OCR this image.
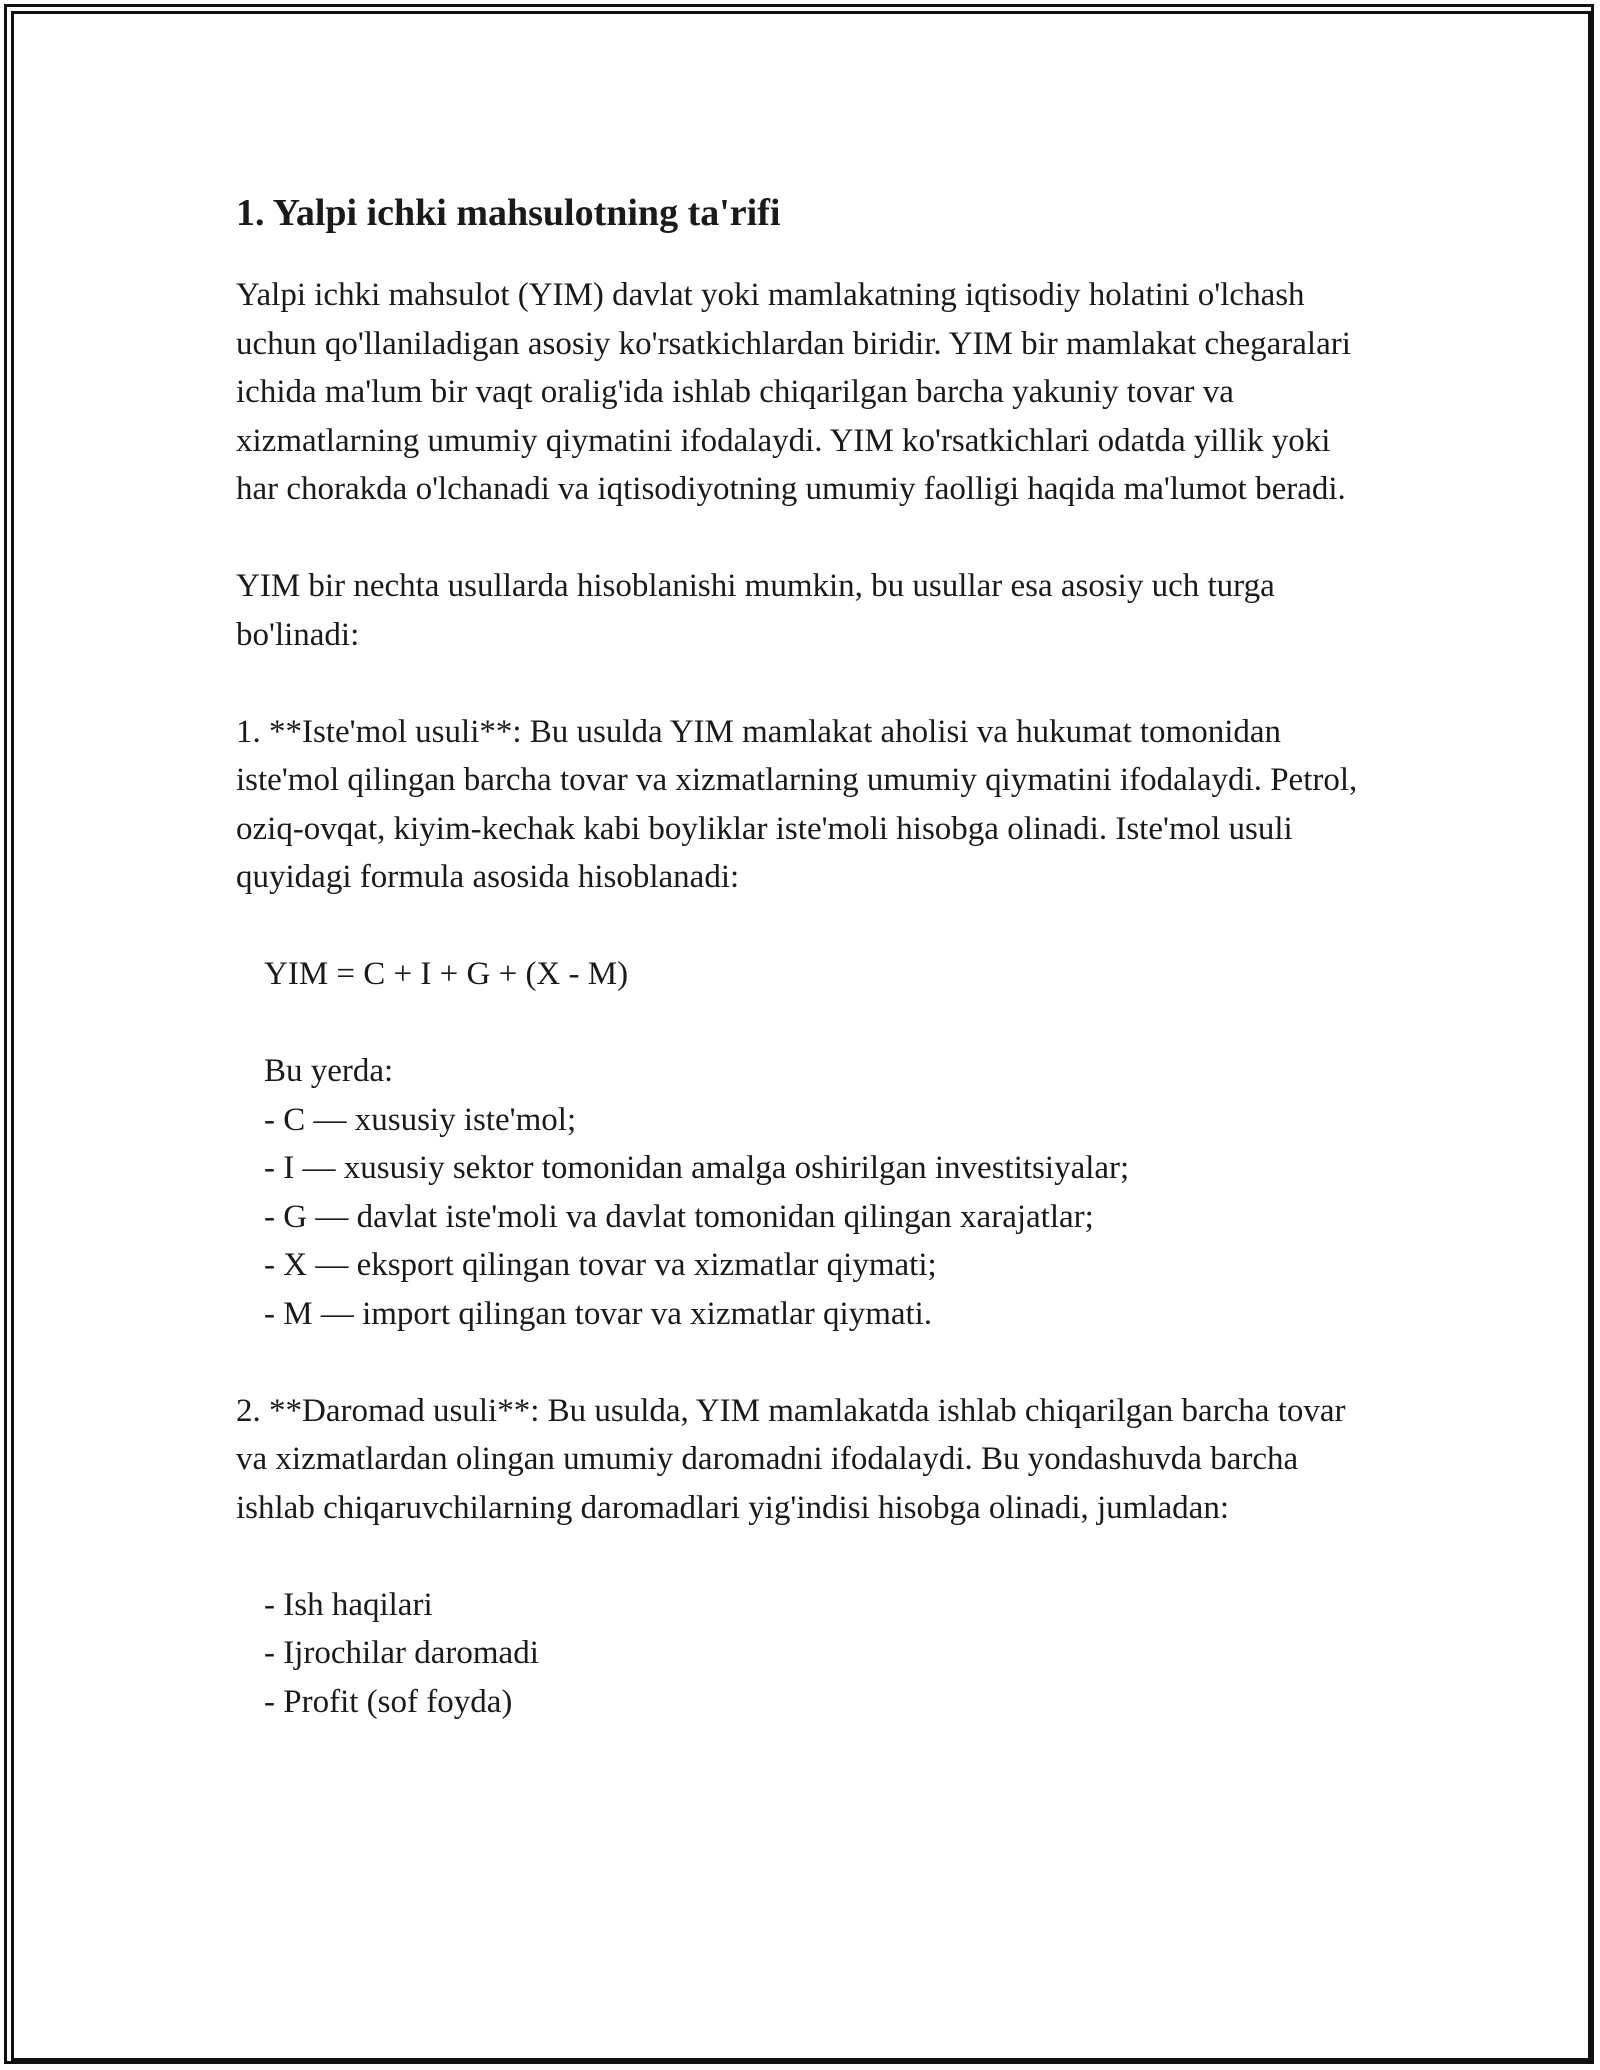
1. Yalpi ichki mahsulotning ta'rifi

Yalpi ichki mahsulot (YIM) davlat yoki mamlakatning iqtisodiy holatini o'lchash uchun qo'llaniladigan asosiy ko'rsatkichlardan biridir. YIM bir mamlakat chegaralari ichida ma'lum bir vaqt oralig'ida ishlab chiqarilgan barcha yakuniy tovar va xizmatlarning umumiy qiymatini ifodalaydi. YIM ko'rsatkichlari odatda yillik yoki har chorakda o'lchanadi va iqtisodiyotning umumiy faolligi haqida ma'lumot beradi.

YIM bir nechta usullarda hisoblanishi mumkin, bu usullar esa asosiy uch turga bo'linadi:

1. **Iste'mol usuli**: Bu usulda YIM mamlakat aholisi va hukumat tomonidan iste'mol qilingan barcha tovar va xizmatlarning umumiy qiymatini ifodalaydi. Petrol, oziq-ovqat, kiyim-kechak kabi boyliklar iste'moli hisobga olinadi. Iste'mol usuli quyidagi formula asosida hisoblanadi:

YIM = C + I + G + (X - M)

Bu yerda:

- C — xususiy iste'mol;

- I — xususiy sektor tomonidan amalga oshirilgan investitsiyalar;

- G — davlat iste'moli va davlat tomonidan qilingan xarajatlar;

- X — eksport qilingan tovar va xizmatlar qiymati;

- M — import qilingan tovar va xizmatlar qiymati.

2. **Daromad usuli**: Bu usulda, YIM mamlakatda ishlab chiqarilgan barcha tovar va xizmatlardan olingan umumiy daromadni ifodalaydi. Bu yondashuvda barcha ishlab chiqaruvchilarning daromadlari yig'indisi hisobga olinadi, jumladan:

- Ish haqilari

- Ijrochilar daromadi

- Profit (sof foyda)
